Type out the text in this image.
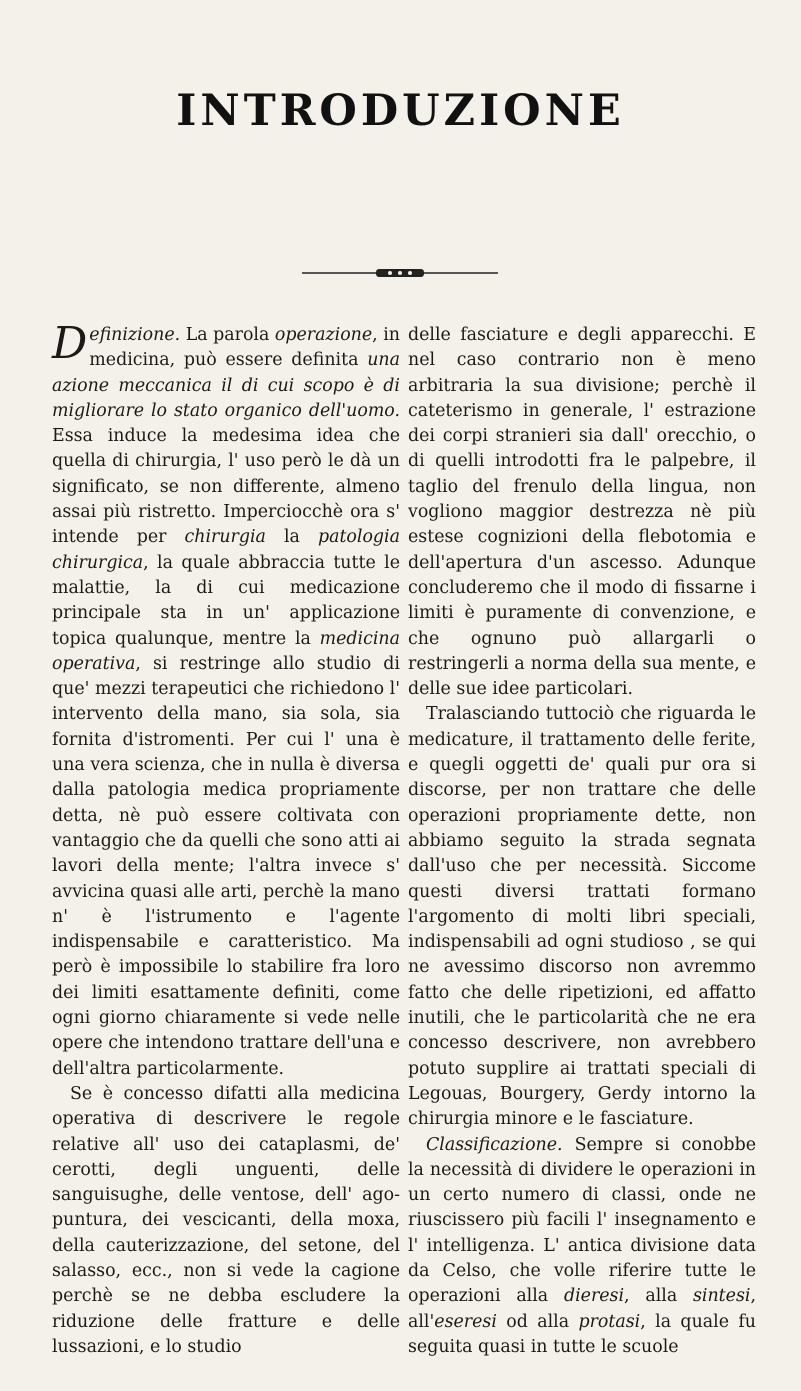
INTRODUZIONE

Definizione. La parola operazione, in medicina, può essere definita una azione meccanica il di cui scopo è di migliorare lo stato organico dell'uomo. Essa induce la medesima idea che quella di chirurgia, l' uso però le dà un significato, se non differente, almeno assai più ristretto. Imperciocchè ora s' intende per chirurgia la patologia chirurgica, la quale abbraccia tutte le malattie, la di cui medicazione principale sta in un' applicazione topica qualunque, mentre la medicina operativa, si restringe allo studio di que' mezzi terapeutici che richiedono l' intervento della mano, sia sola, sia fornita d'istromenti. Per cui l' una è una vera scienza, che in nulla è diversa dalla patologia medica propriamente detta, nè può essere coltivata con vantaggio che da quelli che sono atti ai lavori della mente; l'altra invece s' avvicina quasi alle arti, perchè la mano n' è l'istrumento e l'agente indispensabile e caratteristico. Ma però è impossibile lo stabilire fra loro dei limiti esattamente definiti, come ogni giorno chiaramente si vede nelle opere che intendono trattare dell'una e dell'altra particolarmente.

Se è concesso difatti alla medicina operativa di descrivere le regole relative all' uso dei cataplasmi, de' cerotti, degli unguenti, delle sanguisughe, delle ventose, dell' ago-puntura, dei vescicanti, della moxa, della cauterizzazione, del setone, del salasso, ecc., non si vede la cagione perchè se ne debba escludere la riduzione delle fratture e delle lussazioni, e lo studio

delle fasciature e degli apparecchi. E nel caso contrario non è meno arbitraria la sua divisione; perchè il cateterismo in generale, l' estrazione dei corpi stranieri sia dall' orecchio, o di quelli introdotti fra le palpebre, il taglio del frenulo della lingua, non vogliono maggior destrezza nè più estese cognizioni della flebotomia e dell'apertura d'un ascesso. Adunque concluderemo che il modo di fissarne i limiti è puramente di convenzione, e che ognuno può allargarli o restringerli a norma della sua mente, e delle sue idee particolari.

Tralasciando tuttociò che riguarda le medicature, il trattamento delle ferite, e quegli oggetti de' quali pur ora si discorse, per non trattare che delle operazioni propriamente dette, non abbiamo seguito la strada segnata dall'uso che per necessità. Siccome questi diversi trattati formano l'argomento di molti libri speciali, indispensabili ad ogni studioso , se qui ne avessimo discorso non avremmo fatto che delle ripetizioni, ed affatto inutili, che le particolarità che ne era concesso descrivere, non avrebbero potuto supplire ai trattati speciali di Legouas, Bourgery, Gerdy intorno la chirurgia minore e le fasciature.

Classificazione. Sempre si conobbe la necessità di dividere le operazioni in un certo numero di classi, onde ne riuscissero più facili l' insegnamento e l' intelligenza. L' antica divisione data da Celso, che volle riferire tutte le operazioni alla dieresi, alla sintesi, all'eseresi od alla protasi, la quale fu seguita quasi in tutte le scuole
